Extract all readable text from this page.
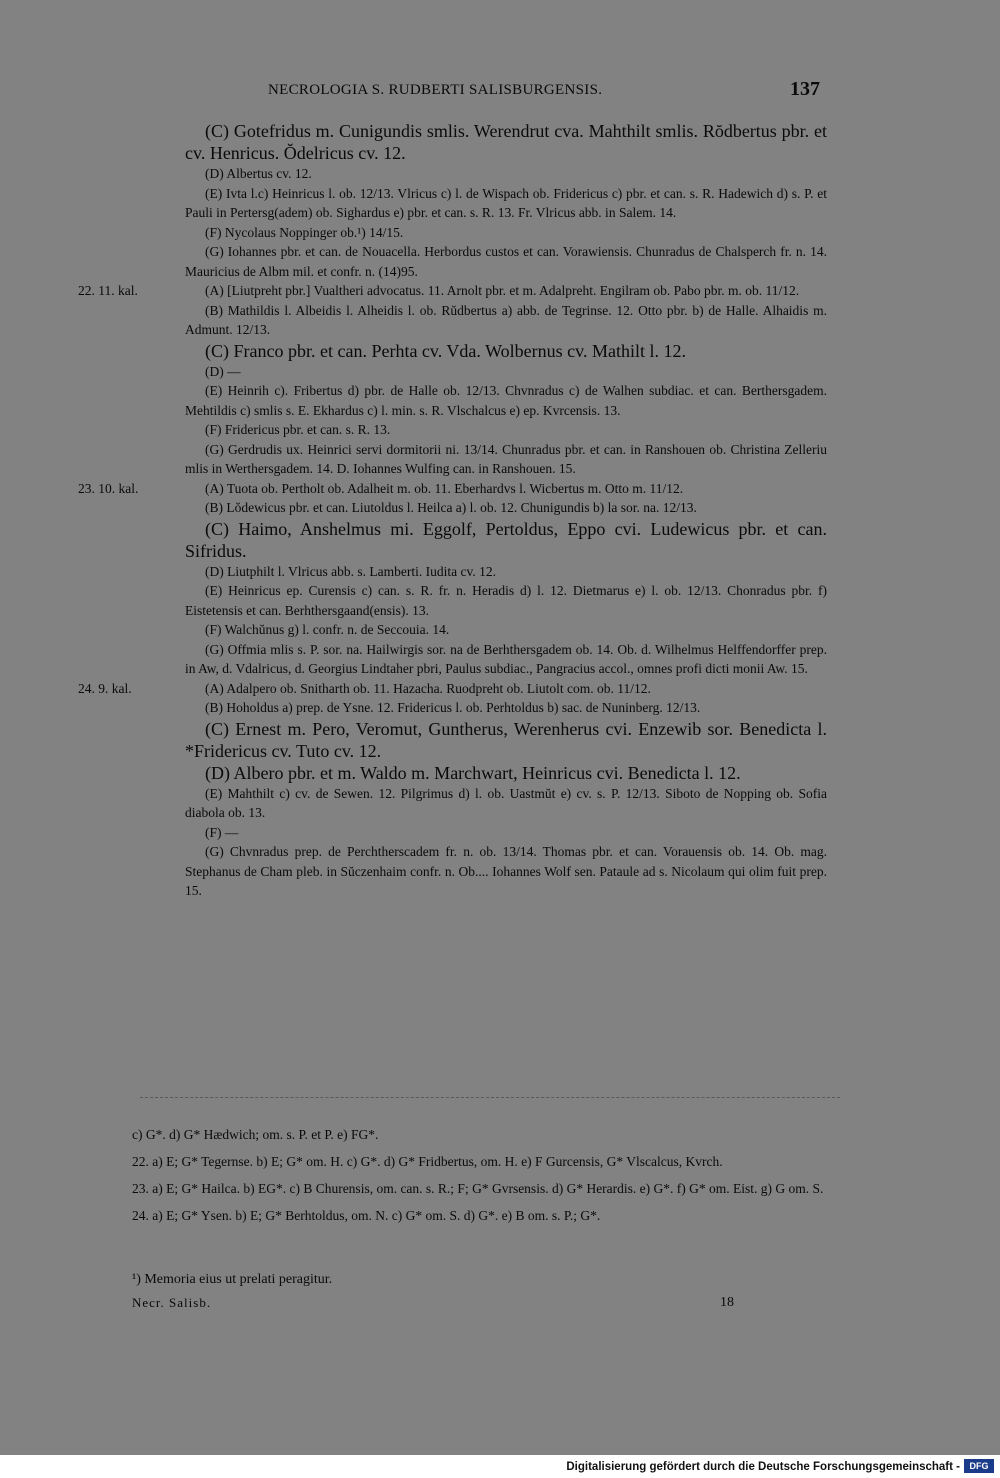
NECROLOGIA S. RUDBERTI SALISBURGENSIS.	137
(C) Gotefridus m. Cunigundis smlis. Werendrut cva. Mahthilt smlis. Rŏdbertus pbr. et cv. Henricus. Ŏdelricus cv. 12.
(D) Albertus cv. 12.
(E) Ivta l.c) Heinricus l. ob. 12/13. Vlricus c) l. de Wispach ob. Fridericus c) pbr. et can. s. R. Hadewich d) s. P. et Pauli in Pertersg(adem) ob. Sighardus e) pbr. et can. s. R. 13. Fr. Vlricus abb. in Salem. 14.
(F) Nycolaus Noppinger ob.¹) 14/15.
(G) Iohannes pbr. et can. de Nouacella. Herbordus custos et can. Vorawiensis. Chunradus de Chalsperch fr. n. 14. Mauricius de Albm mil. et confr. n. (14)95.
22. 11. kal.	(A) [Liutpreht pbr.] Vualtheri advocatus. 11. Arnolt pbr. et m. Adalpreht. Engilram ob. Pabo pbr. m. ob. 11/12.
(B) Mathildis l. Albeidis l. Alheidis l. ob. Rŭdbertus a) abb. de Tegrinse. 12. Otto pbr. b) de Halle. Alhaidis m. Admunt. 12/13.
(C) Franco pbr. et can. Perhta cv. Vda. Wolbernus cv. Mathilt l. 12.
(D) —
(E) Heinrih c). Fribertus d) pbr. de Halle ob. 12/13. Chvnradus c) de Walhen subdiac. et can. Berthersgadem. Mehtildis c) smlis s. E. Ekhardus c) l. min. s. R. Vlschalcus e) ep. Kvrcensis. 13.
(F) Fridericus pbr. et can. s. R. 13.
(G) Gerdrudis ux. Heinrici servi dormitorii ni. 13/14. Chunradus pbr. et can. in Ranshouen ob. Christina Zelleriu mlis in Werthersgadem. 14. D. Iohannes Wulfing can. in Ranshouen. 15.
23. 10. kal.	(A) Tuota ob. Pertholt ob. Adalheit m. ob. 11. Eberhardvs l. Wicbertus m. Otto m. 11/12.
(B) Lŏdewicus pbr. et can. Liutoldus l. Heilca a) l. ob. 12. Chunigundis b) la sor. na. 12/13.
(C) Haimo, Anshelmus mi. Eggolf, Pertoldus, Eppo cvi. Ludewicus pbr. et can. Sifridus.
(D) Liutphilt l. Vlricus abb. s. Lamberti. Iudita cv. 12.
(E) Heinricus ep. Curensis c) can. s. R. fr. n. Heradis d) l. 12. Dietmarus e) l. ob. 12/13. Chonradus pbr. f) Eistetensis et can. Berhthersgaand(ensis). 13.
(F) Walchŭnus g) l. confr. n. de Seccouia. 14.
(G) Offmia mlis s. P. sor. na. Hailwirgis sor. na de Berhthersgadem ob. 14. Ob. d. Wilhelmus Helffendorffer prep. in Aw, d. Vdalricus, d. Georgius Lindtaher pbri, Paulus subdiac., Pangracius accol., omnes profi dicti monii Aw. 15.
24. 9. kal.	(A) Adalpero ob. Snitharth ob. 11. Hazacha. Ruodpreht ob. Liutolt com. ob. 11/12.
(B) Hoholdus a) prep. de Ysne. 12. Fridericus l. ob. Perhtoldus b) sac. de Nuninberg. 12/13.
(C) Ernest m. Pero, Veromut, Guntherus, Werenherus cvi. Enzewib sor. Benedicta l. *Fridericus cv. Tuto cv. 12.
(D) Albero pbr. et m. Waldo m. Marchwart, Heinricus cvi. Benedicta l. 12.
(E) Mahthilt c) cv. de Sewen. 12. Pilgrimus d) l. ob. Uastmŭt e) cv. s. P. 12/13. Siboto de Nopping ob. Sofia diabola ob. 13.
(F) —
(G) Chvnradus prep. de Perchtherscadem fr. n. ob. 13/14. Thomas pbr. et can. Vorauensis ob. 14. Ob. mag. Stephanus de Cham pleb. in Sŭczenhaim confr. n. Ob.... Iohannes Wolf sen. Pataule ad s. Nicolaum qui olim fuit prep. 15.
c) G*. d) G* Hædwich; om. s. P. et P. e) FG*.
22. a) E; G* Tegernse. b) E; G* om. H. c) G*. d) G* Fridbertus, om. H. e) F Gurcensis, G* Vlscalcus, Kvrch.
23. a) E; G* Hailca. b) EG*. c) B Churensis, om. can. s. R.; F; G* Gvrsensis. d) G* Herardis. e) G*. f) G* om. Eist. g) G om. S.
24. a) E; G* Ysen. b) E; G* Berhtoldus, om. N. c) G* om. S. d) G*. e) B om. s. P.; G*.
¹) Memoria eius ut prelati peragitur.
Necr. Salisb.	18
Digitalisierung gefördert durch die Deutsche Forschungsgemeinschaft -	DFG
